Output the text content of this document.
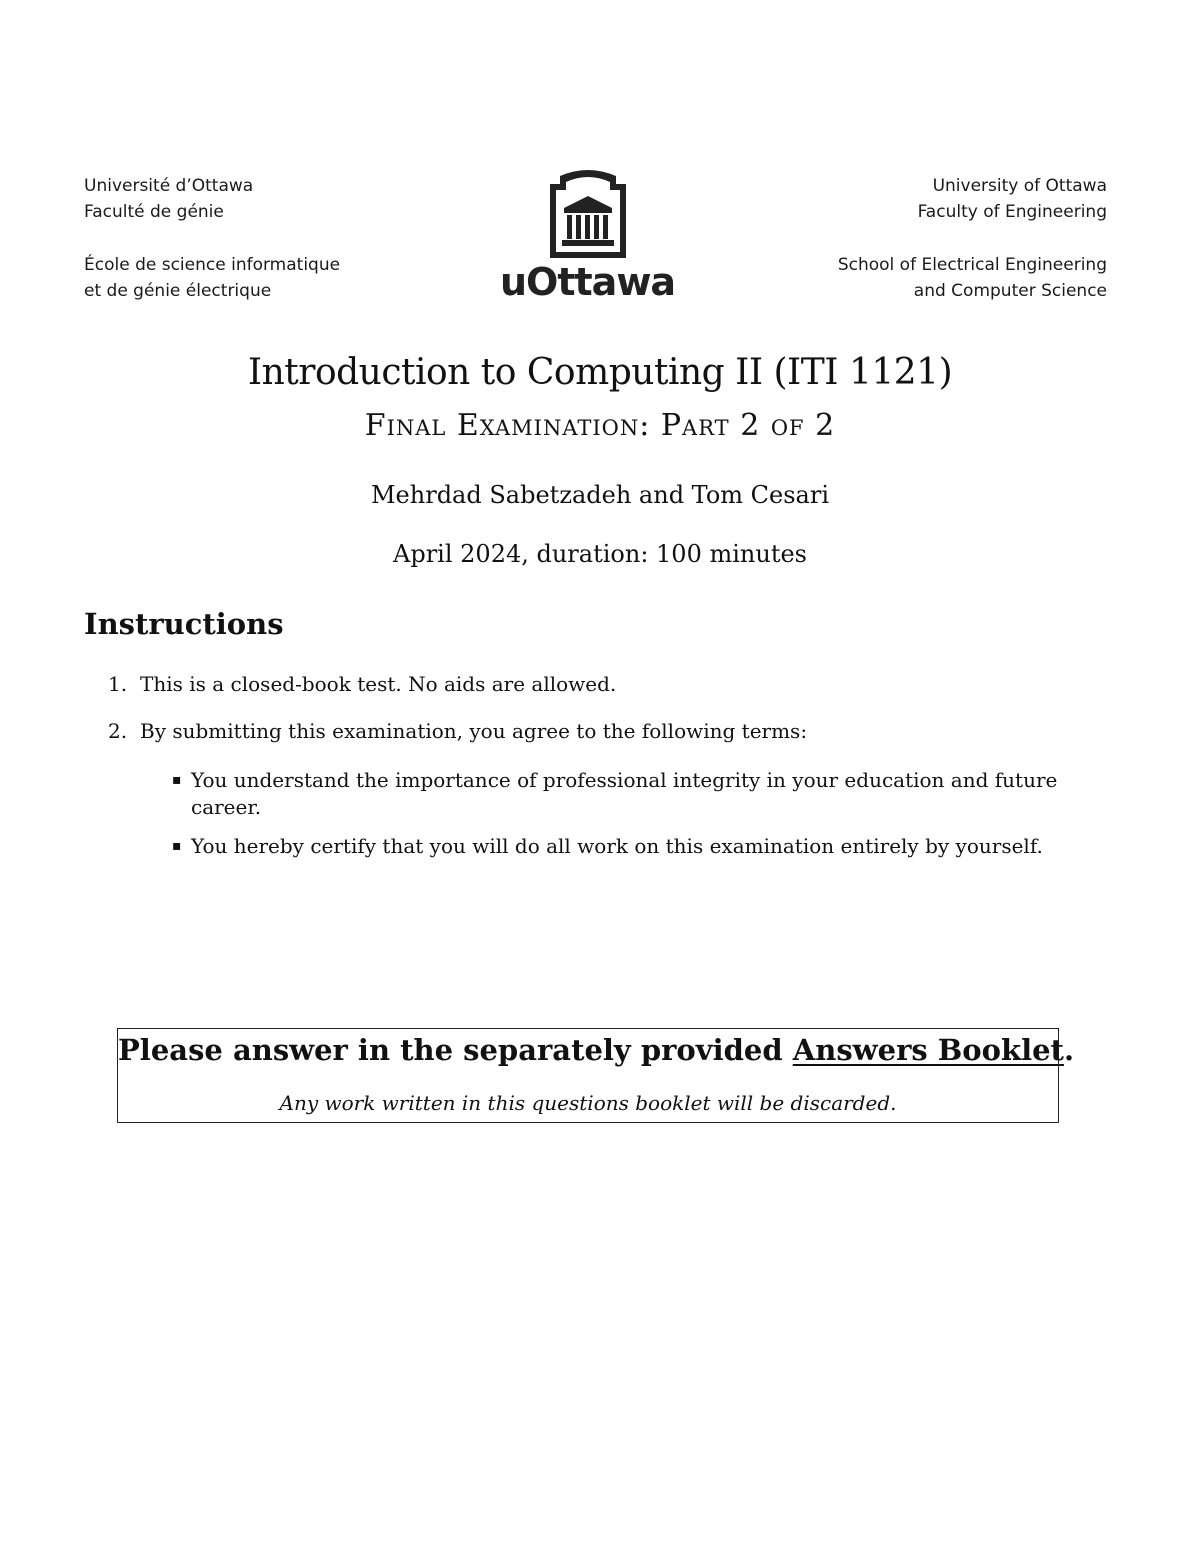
Université d’Ottawa
Faculté de génie
École de science informatique
et de génie électrique	uOttawa
University of Ottawa
Faculty of Engineering
School of Electrical Engineering
and Computer Science
Introduction to Computing II (ITI 1121)
Final Examination: Part 2 of 2
Mehrdad Sabetzadeh and Tom Cesari
April 2024, duration: 100 minutes
Instructions
1. This is a closed-book test. No aids are allowed.
2. By submitting this examination, you agree to the following terms:
▪ You understand the importance of professional integrity in your education and future career.
▪ You hereby certify that you will do all work on this examination entirely by yourself.
Please answer in the separately provided Answers Booklet.
Any work written in this questions booklet will be discarded.
